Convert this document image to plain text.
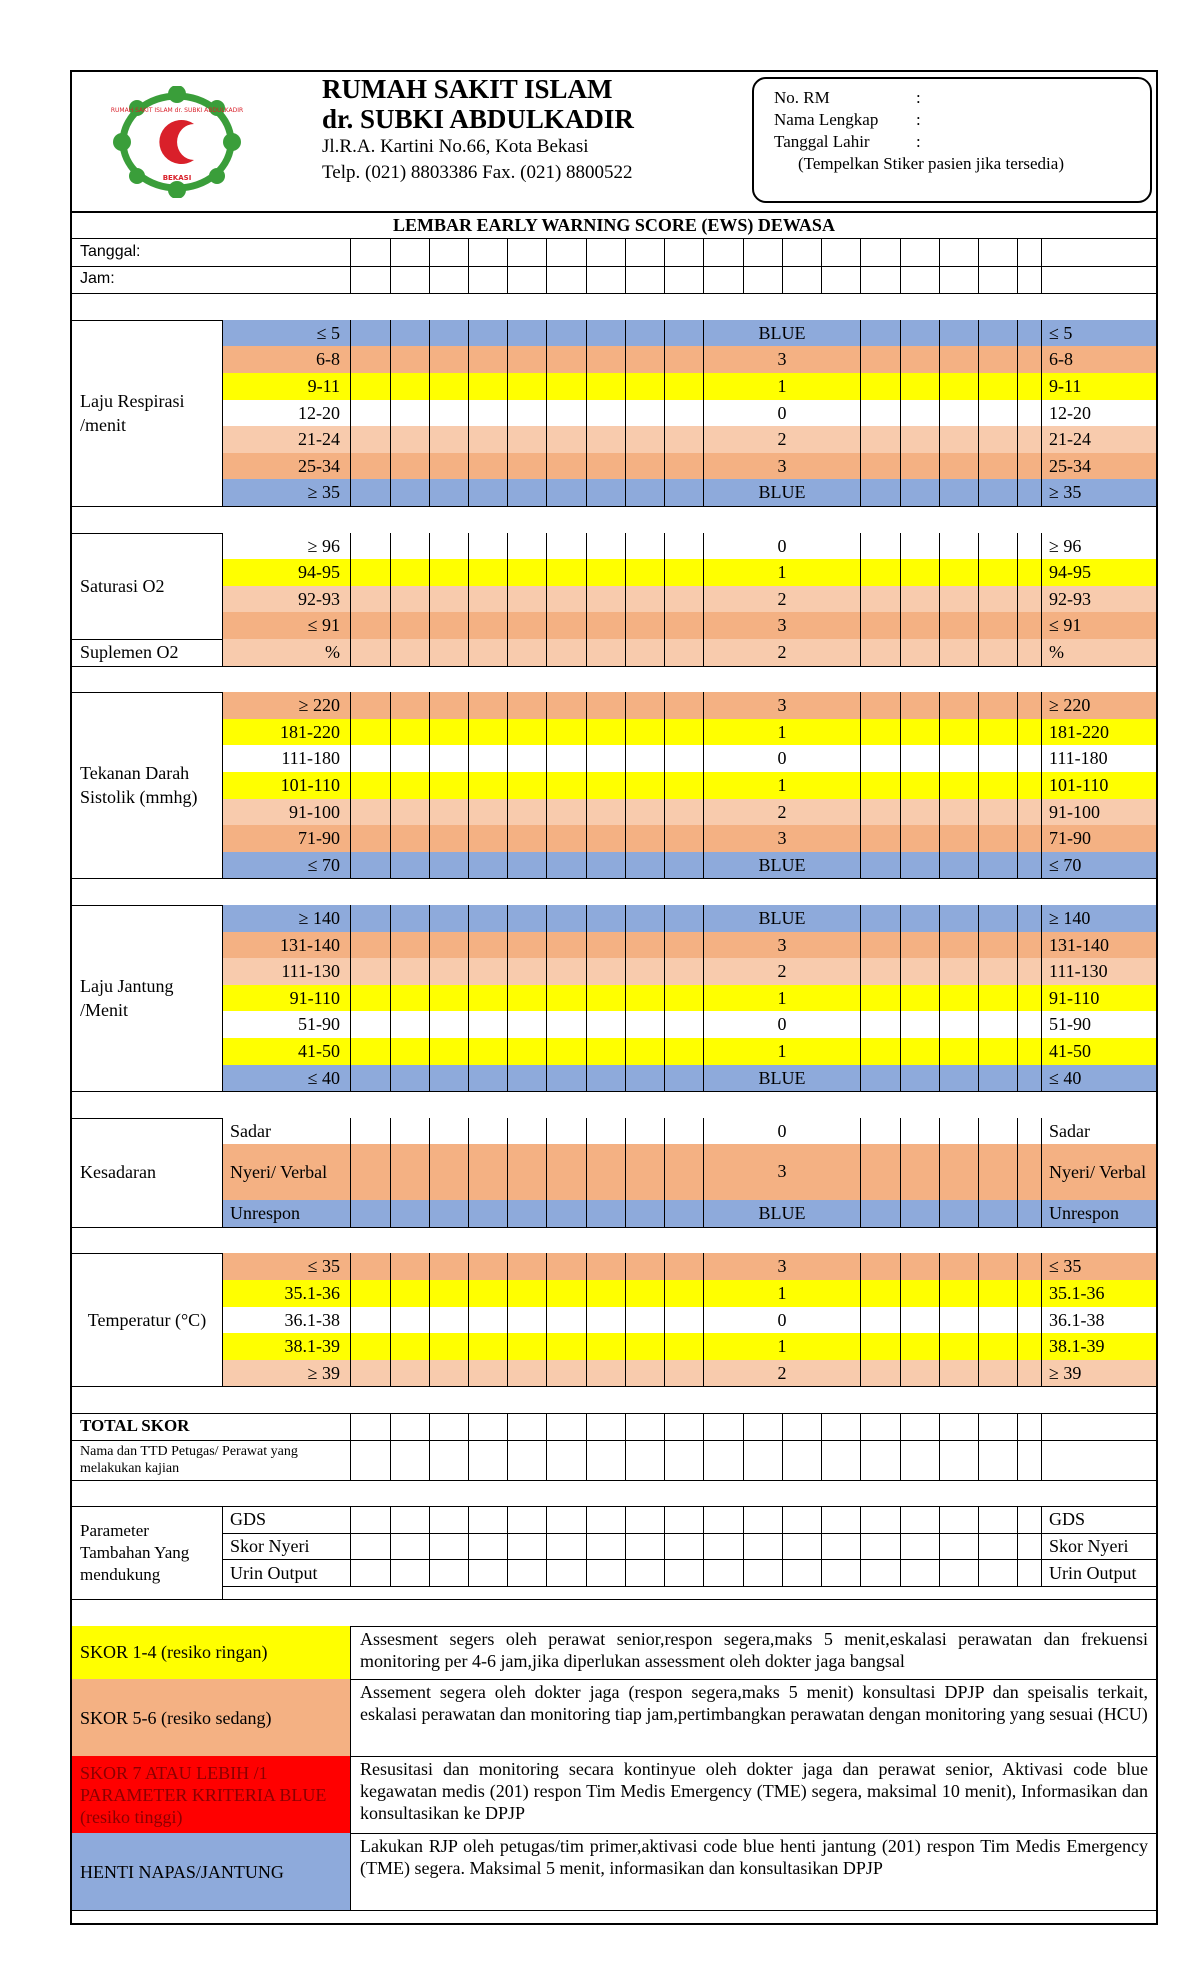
RUMAH SAKIT ISLAM dr. SUBKI ABDULKADIR
BEKASI
RUMAH SAKIT ISLAM
dr. SUBKI ABDULKADIR
Jl.R.A. Kartini No.66, Kota Bekasi
Telp. (021) 8803386 Fax. (021) 8800522
No. RM	:
Nama Lengkap	:
Tanggal Lahir	:
(Tempelkan Stiker pasien jika tersedia)
LEMBAR EARLY WARNING SCORE (EWS) DEWASA
Tanggal:
Jam:
≤ 5	BLUE	≤ 5
6-8	3	6-8
9-11	1	9-11
12-20	0	12-20
21-24	2	21-24
25-34	3	25-34
≥ 35	BLUE	≥ 35
Laju Respirasi /menit
≥ 96	0	≥ 96
94-95	1	94-95
92-93	2	92-93
≤ 91	3	≤ 91
Saturasi O2
Suplemen O2	%	2	%
≥ 220	3	≥ 220
181-220	1	181-220
111-180	0	111-180
101-110	1	101-110
91-100	2	91-100
71-90	3	71-90
≤ 70	BLUE	≤ 70
Tekanan Darah Sistolik (mmhg)
≥ 140	BLUE	≥ 140
131-140	3	131-140
111-130	2	111-130
91-110	1	91-110
51-90	0	51-90
41-50	1	41-50
≤ 40	BLUE	≤ 40
Laju Jantung /Menit
Sadar	0	Sadar
Nyeri/ Verbal	3	Nyeri/ Verbal
Unrespon	BLUE	Unrespon
Kesadaran
≤ 35	3	≤ 35
35.1-36	1	35.1-36
36.1-38	0	36.1-38
38.1-39	1	38.1-39
≥ 39	2	≥ 39
Temperatur (°C)
TOTAL SKOR
Nama dan TTD Petugas/ Perawat yang melakukan kajian
GDS	GDS
Skor Nyeri	Skor Nyeri
Urin Output	Urin Output
Parameter Tambahan Yang mendukung
SKOR 1-4 (resiko ringan)
Assesment segers oleh perawat senior,respon segera,maks 5 menit,eskalasi perawatan dan frekuensi monitoring per 4-6 jam,jika diperlukan assessment oleh dokter jaga bangsal
SKOR 5-6 (resiko sedang)
Assement segera oleh dokter jaga (respon segera,maks 5 menit) konsultasi DPJP dan speisalis terkait, eskalasi perawatan dan monitoring tiap jam,pertimbangkan perawatan dengan monitoring yang sesuai (HCU)
SKOR 7 ATAU LEBIH /1 PARAMETER KRITERIA BLUE (resiko tinggi)
Resusitasi dan monitoring secara kontinyue oleh dokter jaga dan perawat senior, Aktivasi code blue kegawatan medis (201) respon Tim Medis Emergency (TME) segera, maksimal 10 menit), Informasikan dan konsultasikan ke DPJP
HENTI NAPAS/JANTUNG
Lakukan RJP oleh petugas/tim primer,aktivasi code blue henti jantung (201) respon Tim Medis Emergency (TME) segera. Maksimal 5 menit, informasikan dan konsultasikan DPJP
